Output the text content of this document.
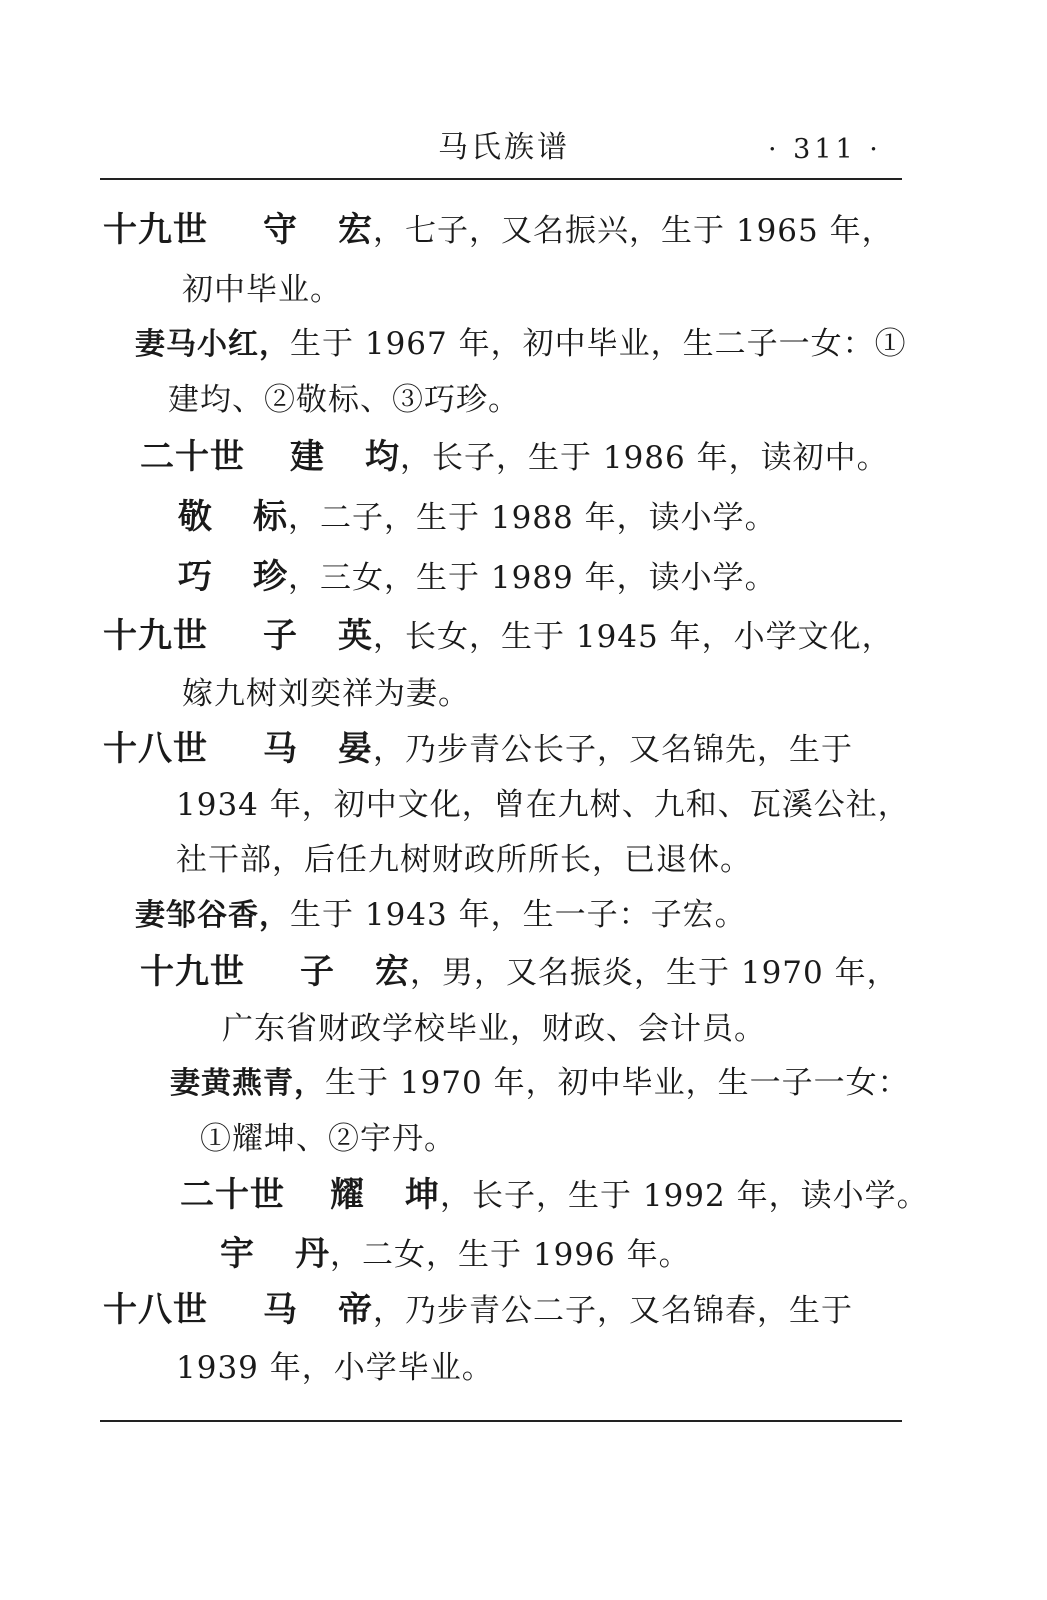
马氏族谱	· 311 ·
十九世 守 宏，七子，又名振兴，生于 1965 年，
初中毕业。
妻马小红，生于 1967 年，初中毕业，生二子一女：①
建均、②敬标、③巧珍。
二十世 建 均，长子，生于 1986 年，读初中。
敬 标，二子，生于 1988 年，读小学。
巧 珍，三女，生于 1989 年，读小学。
十九世 子 英，长女，生于 1945 年，小学文化，
嫁九树刘奕祥为妻。
十八世 马 晏，乃步青公长子，又名锦先，生于
1934 年，初中文化，曾在九树、九和、瓦溪公社，
社干部，后任九树财政所所长，已退休。
妻邹谷香，生于 1943 年，生一子：子宏。
十九世 子 宏，男，又名振炎，生于 1970 年，
广东省财政学校毕业，财政、会计员。
妻黄燕青，生于 1970 年，初中毕业，生一子一女：
①耀坤、②宇丹。
二十世 耀 坤，长子，生于 1992 年，读小学。
宇 丹，二女，生于 1996 年。
十八世 马 帝，乃步青公二子，又名锦春，生于
1939 年，小学毕业。
